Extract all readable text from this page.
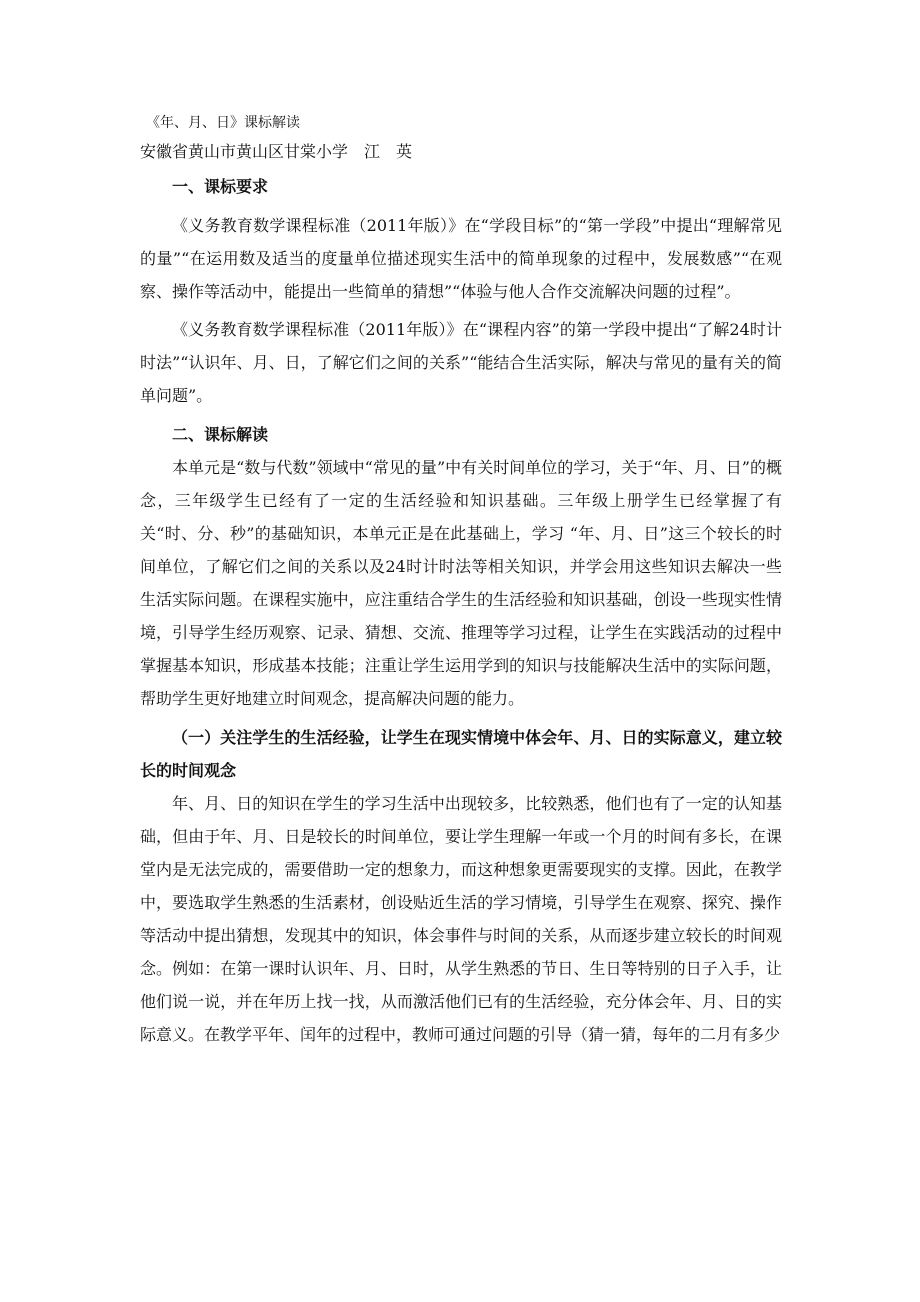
《年、月、日》课标解读
安徽省黄山市黄山区甘棠小学　江　英

一、课标要求

《义务教育数学课程标准（2011年版）》在“学段目标”的“第一学段”中提出“理解常见的量”“在运用数及适当的度量单位描述现实生活中的简单现象的过程中，发展数感”“在观察、操作等活动中，能提出一些简单的猜想”“体验与他人合作交流解决问题的过程”。

《义务教育数学课程标准（2011年版）》在“课程内容”的第一学段中提出“了解24时计时法”“认识年、月、日，了解它们之间的关系”“能结合生活实际，解决与常见的量有关的简单问题”。

二、课标解读

本单元是“数与代数”领域中“常见的量”中有关时间单位的学习，关于“年、月、日”的概念，三年级学生已经有了一定的生活经验和知识基础。三年级上册学生已经掌握了有关“时、分、秒”的基础知识，本单元正是在此基础上，学习 “年、月、日”这三个较长的时间单位，了解它们之间的关系以及24时计时法等相关知识，并学会用这些知识去解决一些生活实际问题。在课程实施中，应注重结合学生的生活经验和知识基础，创设一些现实性情境，引导学生经历观察、记录、猜想、交流、推理等学习过程，让学生在实践活动的过程中掌握基本知识，形成基本技能；注重让学生运用学到的知识与技能解决生活中的实际问题，帮助学生更好地建立时间观念，提高解决问题的能力。

（一）关注学生的生活经验，让学生在现实情境中体会年、月、日的实际意义，建立较长的时间观念

年、月、日的知识在学生的学习生活中出现较多，比较熟悉，他们也有了一定的认知基础，但由于年、月、日是较长的时间单位，要让学生理解一年或一个月的时间有多长，在课堂内是无法完成的，需要借助一定的想象力，而这种想象更需要现实的支撑。因此，在教学中，要选取学生熟悉的生活素材，创设贴近生活的学习情境，引导学生在观察、探究、操作等活动中提出猜想，发现其中的知识，体会事件与时间的关系，从而逐步建立较长的时间观念。例如：在第一课时认识年、月、日时，从学生熟悉的节日、生日等特别的日子入手，让他们说一说，并在年历上找一找，从而激活他们已有的生活经验，充分体会年、月、日的实际意义。在教学平年、闰年的过程中，教师可通过问题的引导（猜一猜，每年的二月有多少
